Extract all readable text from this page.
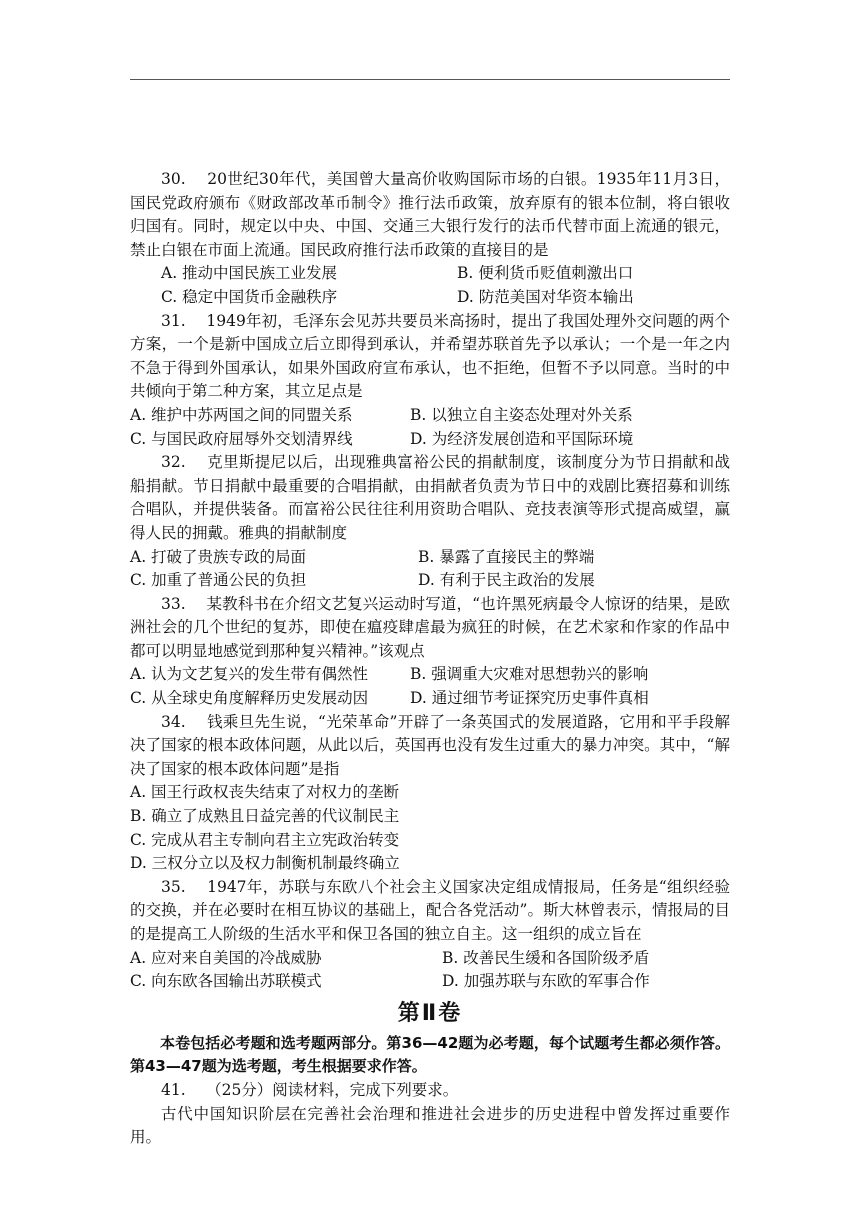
30.　 20世纪30年代，美国曾大量高价收购国际市场的白银。1935年11月3日，国民党政府颁布《财政部改革币制令》推行法币政策，放弃原有的银本位制，将白银收归国有。同时，规定以中央、中国、交通三大银行发行的法币代替市面上流通的银元，禁止白银在市面上流通。国民政府推行法币政策的直接目的是

A. 推动中国民族工业发展	B. 便利货币贬值刺激出口
C. 稳定中国货币金融秩序	D. 防范美国对华资本输出

31.　 1949年初，毛泽东会见苏共要员米高扬时，提出了我国处理外交问题的两个方案，一个是新中国成立后立即得到承认，并希望苏联首先予以承认；一个是一年之内不急于得到外国承认，如果外国政府宣布承认，也不拒绝，但暂不予以同意。当时的中共倾向于第二种方案，其立足点是

A. 维护中苏两国之间的同盟关系	B. 以独立自主姿态处理对外关系
C. 与国民政府屈辱外交划清界线	D. 为经济发展创造和平国际环境

32.　 克里斯提尼以后，出现雅典富裕公民的捐献制度，该制度分为节日捐献和战船捐献。节日捐献中最重要的合唱捐献，由捐献者负责为节日中的戏剧比赛招募和训练合唱队，并提供装备。而富裕公民往往利用资助合唱队、竞技表演等形式提高威望，赢得人民的拥戴。雅典的捐献制度

A. 打破了贵族专政的局面	B. 暴露了直接民主的弊端
C. 加重了普通公民的负担	D. 有利于民主政治的发展

33.　 某教科书在介绍文艺复兴运动时写道，“也许黑死病最令人惊讶的结果，是欧洲社会的几个世纪的复苏，即使在瘟疫肆虐最为疯狂的时候，在艺术家和作家的作品中都可以明显地感觉到那种复兴精神。”该观点

A. 认为文艺复兴的发生带有偶然性	B. 强调重大灾难对思想勃兴的影响
C. 从全球史角度解释历史发展动因	D. 通过细节考证探究历史事件真相

34.　 钱乘旦先生说，“光荣革命”开辟了一条英国式的发展道路，它用和平手段解决了国家的根本政体问题，从此以后，英国再也没有发生过重大的暴力冲突。其中，“解决了国家的根本政体问题”是指

A. 国王行政权丧失结束了对权力的垄断

B. 确立了成熟且日益完善的代议制民主

C. 完成从君主专制向君主立宪政治转变

D. 三权分立以及权力制衡机制最终确立

35.　 1947年，苏联与东欧八个社会主义国家决定组成情报局，任务是“组织经验的交换，并在必要时在相互协议的基础上，配合各党活动”。斯大林曾表示，情报局的目的是提高工人阶级的生活水平和保卫各国的独立自主。这一组织的成立旨在

A. 应对来自美国的冷战威胁	B. 改善民生缓和各国阶级矛盾
C. 向东欧各国输出苏联模式	D. 加强苏联与东欧的军事合作
第Ⅱ卷

本卷包括必考题和选考题两部分。第36—42题为必考题，每个试题考生都必须作答。第43—47题为选考题，考生根据要求作答。

41.　 （25分）阅读材料，完成下列要求。

古代中国知识阶层在完善社会治理和推进社会进步的历史进程中曾发挥过重要作用。
